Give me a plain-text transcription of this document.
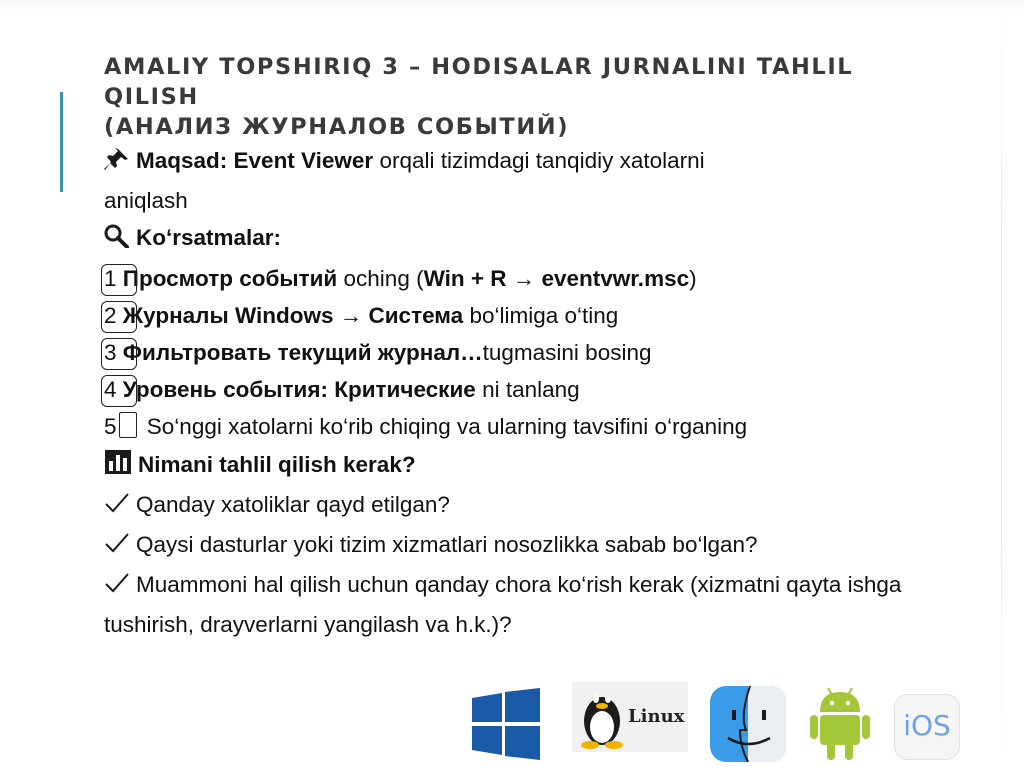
AMALIY TOPSHIRIQ 3 – HODISALAR JURNALINI TAHLIL QILISH
(АНАЛИЗ ЖУРНАЛОВ СОБЫТИЙ)
Maqsad: Event Viewer orqali tizimdagi tanqidiy xatolarni
aniqlash
Ko‘rsatmalar:
1 Просмотр событий oching (Win + R → eventvwr.msc)
2 Журналы Windows → Система bo‘limiga o‘ting
3 Фильтровать текущий журнал…tugmasini bosing
4 Уровень события: Критические ni tanlang
5 So‘nggi xatolarni ko‘rib chiqing va ularning tavsifini o‘rganing
Nimani tahlil qilish kerak?
Qanday xatoliklar qayd etilgan?
Qaysi dasturlar yoki tizim xizmatlari nosozlikka sabab bo‘lgan?
Muammoni hal qilish uchun qanday chora ko‘rish kerak (xizmatni qayta ishga tushirish, drayverlarni yangilash va h.k.)?
Linux	iOS
